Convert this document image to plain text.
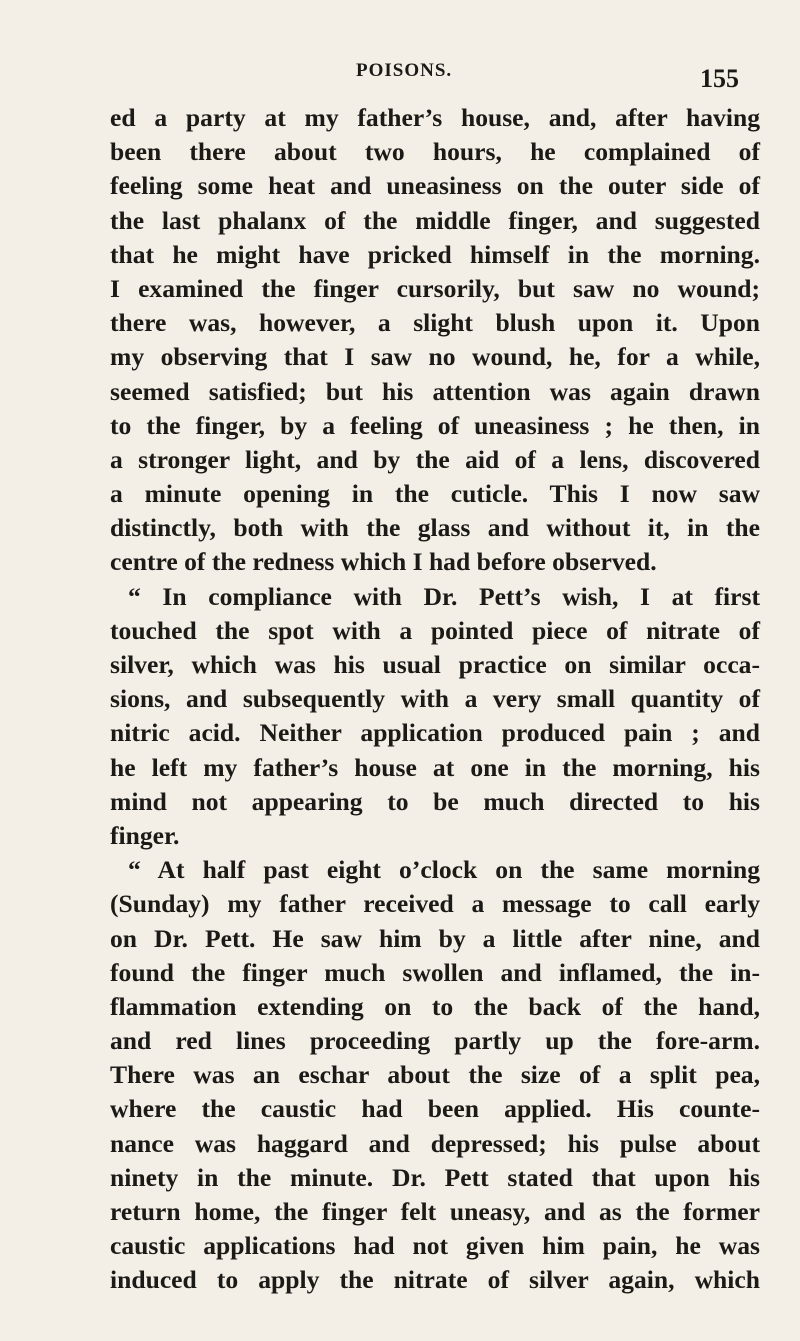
POISONS.	155
ed a party at my father’s house, and, after having
been there about two hours, he complained of
feeling some heat and uneasiness on the outer side of
the last phalanx of the middle finger, and suggested
that he might have pricked himself in the morning.
I examined the finger cursorily, but saw no wound;
there was, however, a slight blush upon it. Upon
my observing that I saw no wound, he, for a while,
seemed satisfied; but his attention was again drawn
to the finger, by a feeling of uneasiness ; he then, in
a stronger light, and by the aid of a lens, discovered
a minute opening in the cuticle. This I now saw
distinctly, both with the glass and without it, in the
centre of the redness which I had before observed.
“ In compliance with Dr. Pett’s wish, I at first
touched the spot with a pointed piece of nitrate of
silver, which was his usual practice on similar occa-
sions, and subsequently with a very small quantity of
nitric acid. Neither application produced pain ; and
he left my father’s house at one in the morning, his
mind not appearing to be much directed to his
finger.
“ At half past eight o’clock on the same morning
(Sunday) my father received a message to call early
on Dr. Pett. He saw him by a little after nine, and
found the finger much swollen and inflamed, the in-
flammation extending on to the back of the hand,
and red lines proceeding partly up the fore-arm.
There was an eschar about the size of a split pea,
where the caustic had been applied. His counte-
nance was haggard and depressed; his pulse about
ninety in the minute. Dr. Pett stated that upon his
return home, the finger felt uneasy, and as the former
caustic applications had not given him pain, he was
induced to apply the nitrate of silver again, which
